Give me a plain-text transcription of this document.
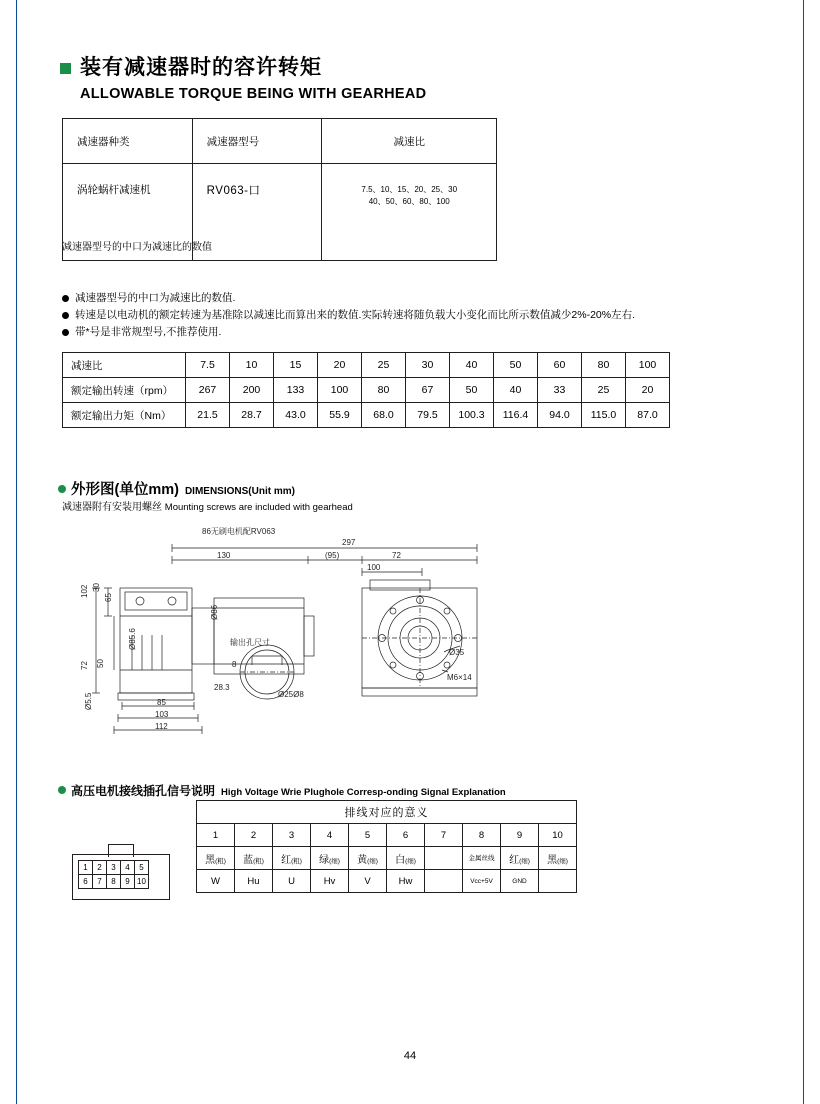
装有减速器时的容许转矩
ALLOWABLE TORQUE BEING WITH GEARHEAD
减速器种类	减速器型号	减速比
涡轮蜗杆减速机	RV063-口	7.5、10、15、20、25、30
40、50、60、80、100
减速器型号的中口为减速比的数值
减速器型号的中口为减速比的数值.
转速是以电动机的额定转速为基准除以减速比而算出来的数值.实际转速将随负载大小变化而比所示数值减少2%-20%左右.
带*号是非常规型号,不推荐使用.
减速比	7.5	10	15	20	25	30	40	50	60	80	100
额定输出转速（rpm）	267	200	133	100	80	67	50	40	33	25	20
额定输出力矩（Nm）	21.5	28.7	43.0	55.9	68.0	79.5	100.3	116.4	94.0	115.0	87.0
外形图(单位mm) DIMENSIONS(Unit mm)
减速器附有安装用螺丝 Mounting screws are included with gearhead
86无刷电机配RV063
297
130	(95)	72
100
102 30
65
72 50
85
103
112
Ø5.5
Ø86
Ø85.6	输出孔尺寸
8
28.3
Ø25Ø8
Ø35
M6×14
高压电机接线插孔信号说明 High Voltage Wrie Plughole Corresp-onding Signal Explanation
1	2	3	4	5
6	7	8	9	10
排线对应的意义									
1	2	3	4	5	6	7	8	9	10
黑(粗)	蓝(粗)	红(粗)	绿(细)	黄(细)	白(细)		金属丝线	红(细)	黑(细)
W	Hu	U	Hv	V	Hw		Vcc+5V	GND	
44
